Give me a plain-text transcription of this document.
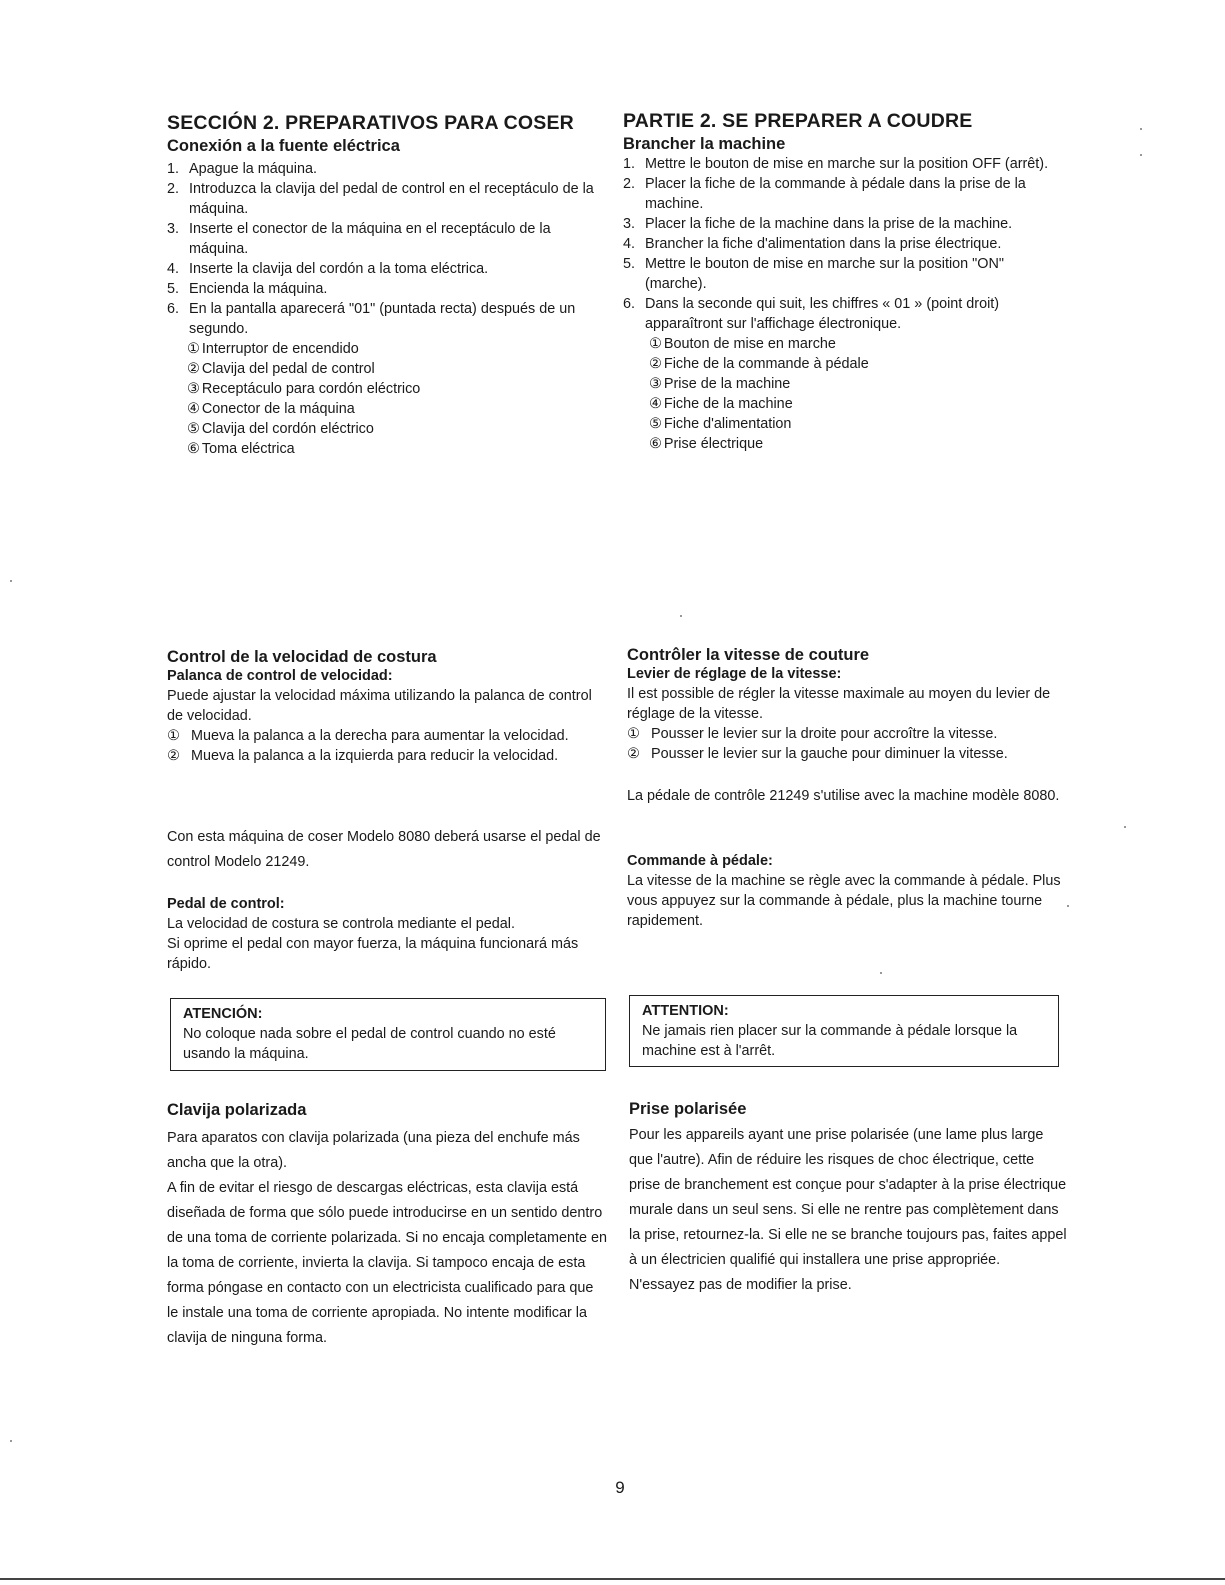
SECCIÓN 2. PREPARATIVOS PARA COSER
Conexión a la fuente eléctrica
1. Apague la máquina.
2. Introduzca la clavija del pedal de control en el receptáculo de la máquina.
3. Inserte el conector de la máquina en el receptáculo de la máquina.
4. Inserte la clavija del cordón a la toma eléctrica.
5. Encienda la máquina.
6. En la pantalla aparecerá "01" (puntada recta) después de un segundo.
① Interruptor de encendido
② Clavija del pedal de control
③ Receptáculo para cordón eléctrico
④ Conector de la máquina
⑤ Clavija del cordón eléctrico
⑥ Toma eléctrica
Control de la velocidad de costura
Palanca de control de velocidad:

Puede ajustar la velocidad máxima utilizando la palanca de control de velocidad.

① Mueva la palanca a la derecha para aumentar la velocidad.
② Mueva la palanca a la izquierda para reducir la velocidad.

Con esta máquina de coser Modelo 8080 deberá usarse el pedal de control Modelo 21249.

Pedal de control:

La velocidad de costura se controla mediante el pedal.

Si oprime el pedal con mayor fuerza, la máquina funcionará más rápido.

ATENCIÓN:
No coloque nada sobre el pedal de control cuando no esté usando la máquina.
Clavija polarizada

Para aparatos con clavija polarizada (una pieza del enchufe más ancha que la otra).

A fin de evitar el riesgo de descargas eléctricas, esta clavija está diseñada de forma que sólo puede introducirse en un sentido dentro de una toma de corriente polarizada. Si no encaja completamente en la toma de corriente, invierta la clavija. Si tampoco encaja de esta forma póngase en contacto con un electricista cualificado para que le instale una toma de corriente apropiada. No intente modificar la clavija de ninguna forma.

PARTIE 2. SE PREPARER A COUDRE
Brancher la machine
1. Mettre le bouton de mise en marche sur la position OFF (arrêt).
2. Placer la fiche de la commande à pédale dans la prise de la machine.
3. Placer la fiche de la machine dans la prise de la machine.
4. Brancher la fiche d'alimentation dans la prise électrique.
5. Mettre le bouton de mise en marche sur la position "ON" (marche).
6. Dans la seconde qui suit, les chiffres « 01 » (point droit) apparaîtront sur l'affichage électronique.
① Bouton de mise en marche
② Fiche de la commande à pédale
③ Prise de la machine
④ Fiche de la machine
⑤ Fiche d'alimentation
⑥ Prise électrique
Contrôler la vitesse de couture
Levier de réglage de la vitesse:

Il est possible de régler la vitesse maximale au moyen du levier de réglage de la vitesse.

① Pousser le levier sur la droite pour accroître la vitesse.
② Pousser le levier sur la gauche pour diminuer la vitesse.

La pédale de contrôle 21249 s'utilise avec la machine modèle 8080.

Commande à pédale:

La vitesse de la machine se règle avec la commande à pédale. Plus vous appuyez sur la commande à pédale, plus la machine tourne rapidement.

ATTENTION:
Ne jamais rien placer sur la commande à pédale lorsque la machine est à l'arrêt.
Prise polarisée

Pour les appareils ayant une prise polarisée (une lame plus large que l'autre). Afin de réduire les risques de choc électrique, cette prise de branchement est conçue pour s'adapter à la prise électrique murale dans un seul sens. Si elle ne rentre pas complètement dans la prise, retournez-la. Si elle ne se branche toujours pas, faites appel à un électricien qualifié qui installera une prise appropriée. N'essayez pas de modifier la prise.

9
